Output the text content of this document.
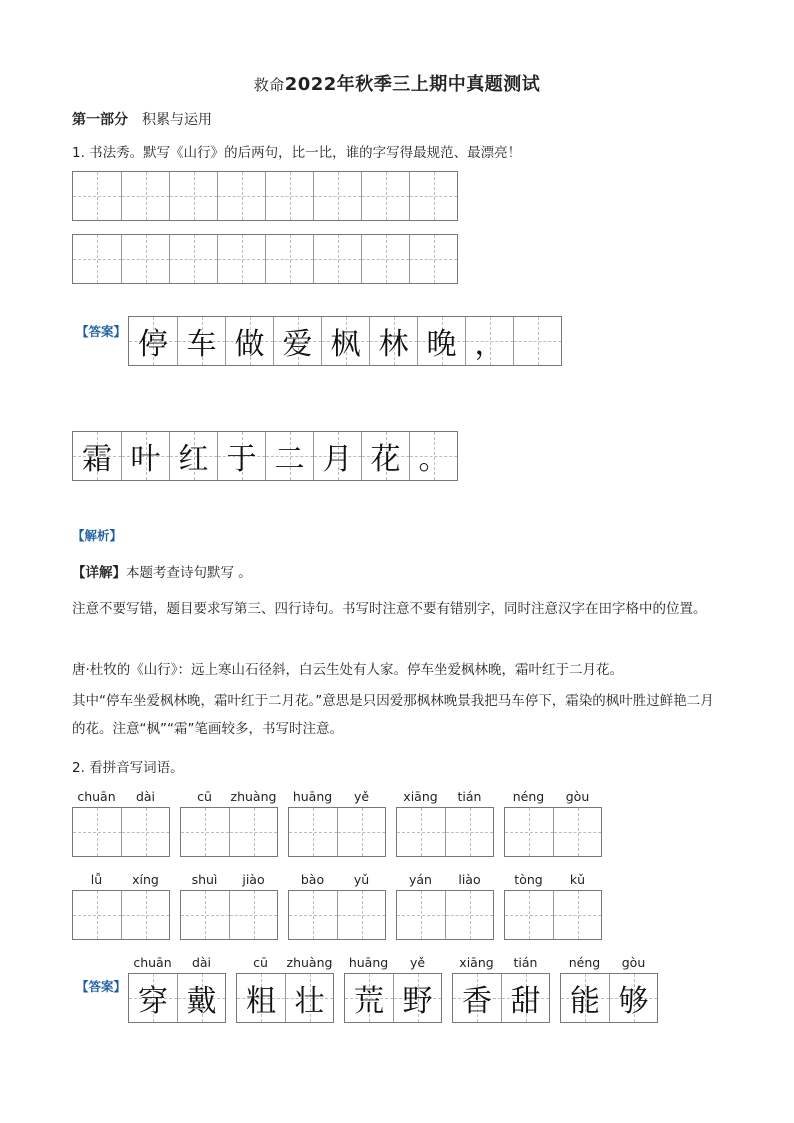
救命2022年秋季三上期中真题测试
第一部分 积累与运用
1. 书法秀。默写《山行》的后两句，比一比，谁的字写得最规范、最漂亮！
【答案】 停 车 做 爱 枫 林 晚 ，
霜 叶 红 于 二 月 花 。
【解析】
【详解】本题考查诗句默写 。
注意不要写错，题目要求写第三、四行诗句。书写时注意不要有错别字，同时注意汉字在田字格中的位置。
唐·杜牧的《山行》：远上寒山石径斜，白云生处有人家。停车坐爱枫林晚，霜叶红于二月花。
其中“停车坐爱枫林晚，霜叶红于二月花。”意思是只因爱那枫林晚景我把马车停下，霜染的枫叶胜过鲜艳二月的花。注意“枫”“霜”笔画较多，书写时注意。
2. 看拼音写词语。
chuān	dài	cū	zhuàng	huāng	yě	xiāng	tián	néng	gòu
lǚ	xíng	shuì	jiào	bào	yǔ	yán	liào	tòng	kǔ
【答案】
chuān	dài
穿 戴
cū	zhuàng
粗 壮
huāng	yě
荒 野
xiāng	tián
香 甜
néng	gòu
能 够
